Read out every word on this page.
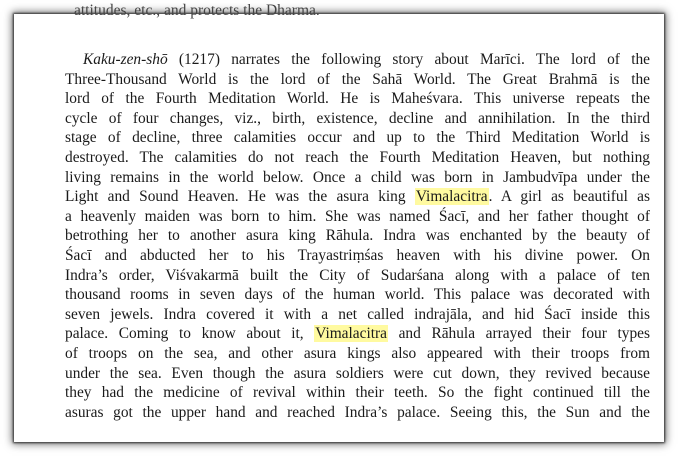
attitudes, etc., and protects the Dharma.
Kaku-zen-shō (1217) narrates the following story about Marīci. The lord of the
Three-Thousand World is the lord of the Sahā World. The Great Brahmā is the
lord of the Fourth Meditation World. He is Maheśvara. This universe repeats the
cycle of four changes, viz., birth, existence, decline and annihilation. In the third
stage of decline, three calamities occur and up to the Third Meditation World is
destroyed. The calamities do not reach the Fourth Meditation Heaven, but nothing
living remains in the world below. Once a child was born in Jambudvīpa under the
Light and Sound Heaven. He was the asura king Vimalacitra. A girl as beautiful as
a heavenly maiden was born to him. She was named Śacī, and her father thought of
betrothing her to another asura king Rāhula. Indra was enchanted by the beauty of
Śacī and abducted her to his Trayastriṃśas heaven with his divine power. On
Indra’s order, Viśvakarmā built the City of Sudarśana along with a palace of ten
thousand rooms in seven days of the human world. This palace was decorated with
seven jewels. Indra covered it with a net called indrajāla, and hid Śacī inside this
palace. Coming to know about it, Vimalacitra and Rāhula arrayed their four types
of troops on the sea, and other asura kings also appeared with their troops from
under the sea. Even though the asura soldiers were cut down, they revived because
they had the medicine of revival within their teeth. So the fight continued till the
asuras got the upper hand and reached Indra’s palace. Seeing this, the Sun and the
